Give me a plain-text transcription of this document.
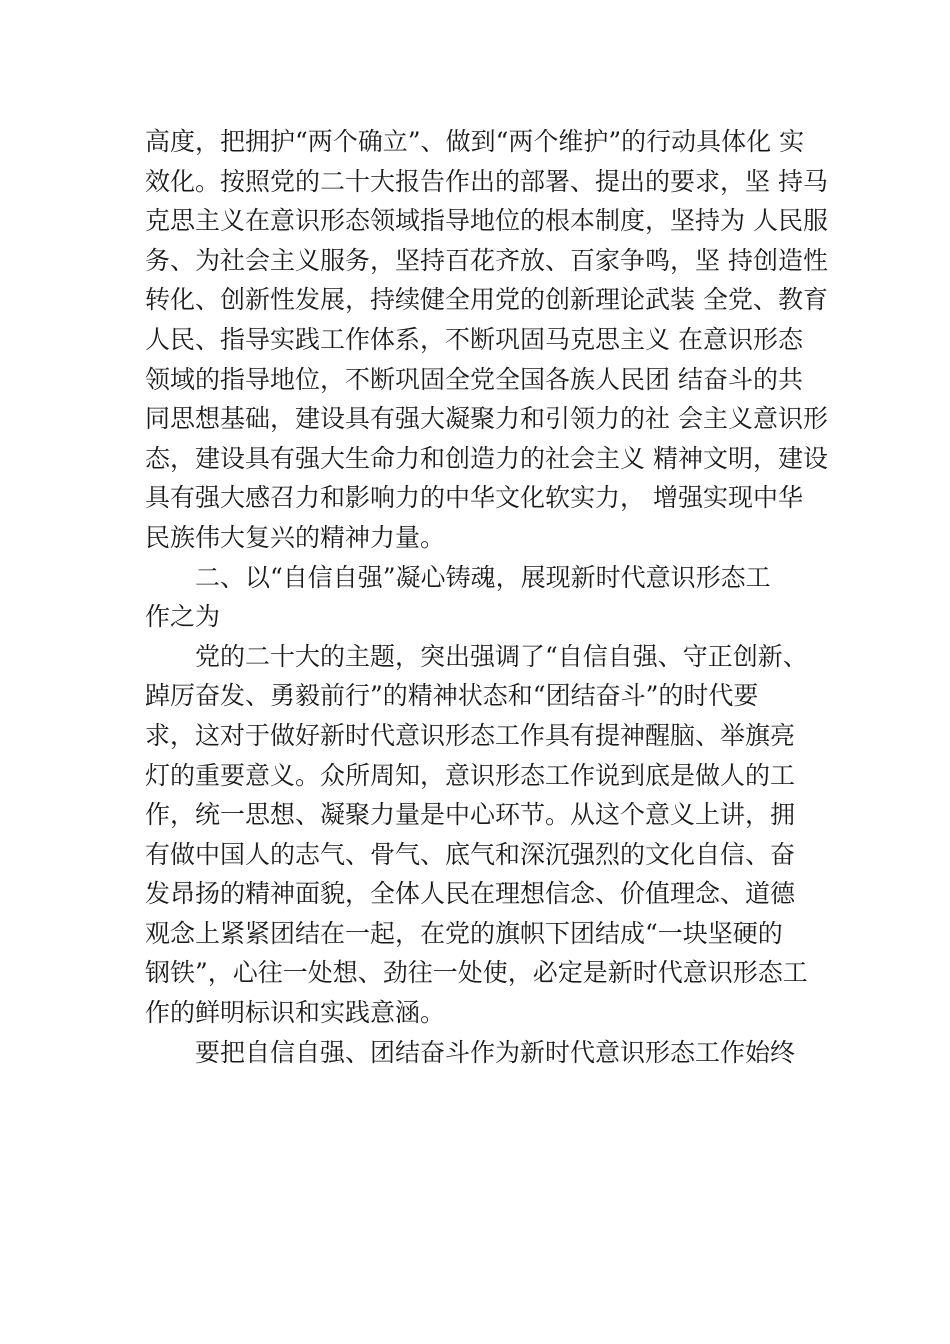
高度，把拥护“两个确立”、做到“两个维护”的行动具体化 实

效化。按照党的二十大报告作出的部署、提出的要求，坚 持马

克思主义在意识形态领域指导地位的根本制度，坚持为 人民服

务、为社会主义服务，坚持百花齐放、百家争鸣，坚 持创造性

转化、创新性发展，持续健全用党的创新理论武装 全党、教育

人民、指导实践工作体系，不断巩固马克思主义 在意识形态

领域的指导地位，不断巩固全党全国各族人民团 结奋斗的共

同思想基础，建设具有强大凝聚力和引领力的社 会主义意识形

态，建设具有强大生命力和创造力的社会主义 精神文明，建设

具有强大感召力和影响力的中华文化软实力， 增强实现中华

民族伟大复兴的精神力量。

二、以“自信自强”凝心铸魂，展现新时代意识形态工

作之为

党的二十大的主题，突出强调了“自信自强、守正创新、

踔厉奋发、勇毅前行”的精神状态和“团结奋斗”的时代要

求，这对于做好新时代意识形态工作具有提神醒脑、举旗亮

灯的重要意义。众所周知，意识形态工作说到底是做人的工

作，统一思想、凝聚力量是中心环节。从这个意义上讲，拥

有做中国人的志气、骨气、底气和深沉强烈的文化自信、奋

发昂扬的精神面貌，全体人民在理想信念、价值理念、道德

观念上紧紧团结在一起，在党的旗帜下团结成“一块坚硬的

钢铁”，心往一处想、劲往一处使，必定是新时代意识形态工

作的鲜明标识和实践意涵。

要把自信自强、团结奋斗作为新时代意识形态工作始终
